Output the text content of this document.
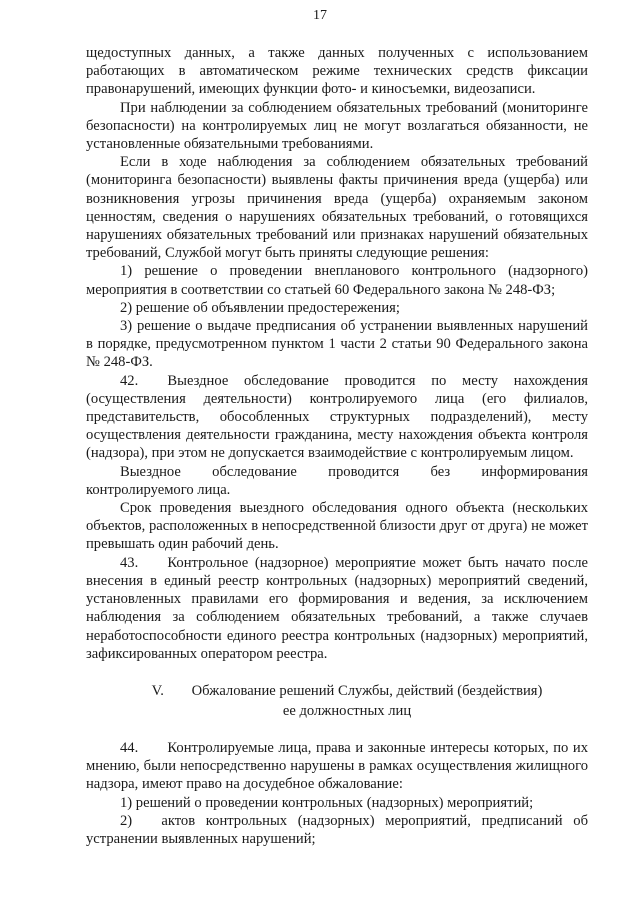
17

щедоступных данных, а также данных полученных с использованием работающих в автоматическом режиме технических средств фиксации правонарушений, имеющих функции фото- и киносъемки, видеозаписи.

При наблюдении за соблюдением обязательных требований (мониторинге безопасности) на контролируемых лиц не могут возлагаться обязанности, не установленные обязательными требованиями.

Если в ходе наблюдения за соблюдением обязательных требований (мониторинга безопасности) выявлены факты причинения вреда (ущерба) или возникновения угрозы причинения вреда (ущерба) охраняемым законом ценностям, сведения о нарушениях обязательных требований, о готовящихся нарушениях обязательных требований или признаках нарушений обязательных требований, Службой могут быть приняты следующие решения:

1) решение о проведении внепланового контрольного (надзорного) мероприятия в соответствии со статьей 60 Федерального закона № 248-ФЗ;

2) решение об объявлении предостережения;

3) решение о выдаче предписания об устранении выявленных нарушений в порядке, предусмотренном пунктом 1 части 2 статьи 90 Федерального закона № 248-ФЗ.

42.  Выездное обследование проводится по месту нахождения (осуществления деятельности) контролируемого лица (его филиалов, представительств, обособленных структурных подразделений), месту осуществления деятельности гражданина, месту нахождения объекта контроля (надзора), при этом не допускается взаимодействие с контролируемым лицом.

Выездное обследование проводится без информирования контролируемого лица.

Срок проведения выездного обследования одного объекта (нескольких объектов, расположенных в непосредственной близости друг от друга) не может превышать один рабочий день.

43.  Контрольное (надзорное) мероприятие может быть начато после внесения в единый реестр контрольных (надзорных) мероприятий сведений, установленных правилами его формирования и ведения, за исключением наблюдения за соблюдением обязательных требований, а также случаев неработоспособности единого реестра контрольных (надзорных) мероприятий, зафиксированных оператором реестра.

V. Обжалование решений Службы, действий (бездействия)
ее должностных лиц

44.  Контролируемые лица, права и законные интересы которых, по их мнению, были непосредственно нарушены в рамках осуществления жилищного надзора, имеют право на досудебное обжалование:

1) решений о проведении контрольных (надзорных) мероприятий;

2)  актов контрольных (надзорных) мероприятий, предписаний об устранении выявленных нарушений;
